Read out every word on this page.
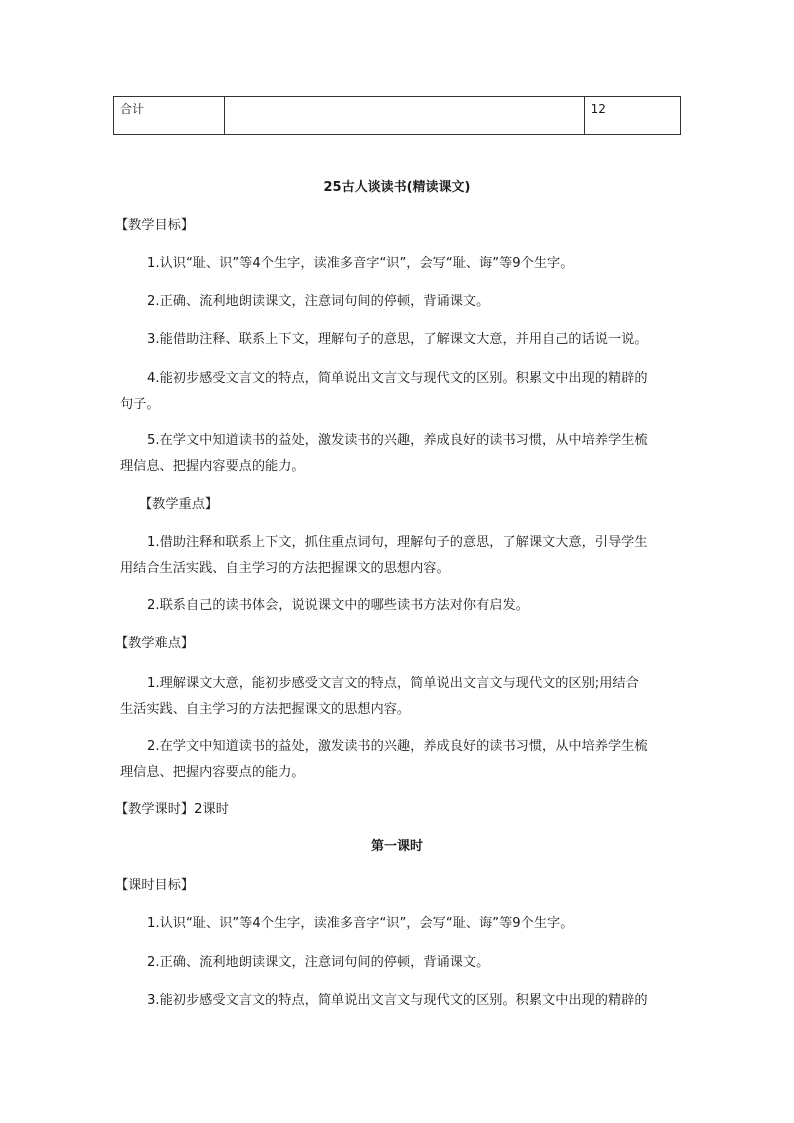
合计		12
25古人谈读书(精读课文)
【教学目标】
1.认识“耻、识”等4个生字，读准多音字“识”，会写“耻、诲”等9个生字。
2.正确、流利地朗读课文，注意词句间的停顿，背诵课文。
3.能借助注释、联系上下文，理解句子的意思，了解课文大意，并用自己的话说一说。
4.能初步感受文言文的特点，简单说出文言文与现代文的区别。积累文中出现的精辟的
句子。
5.在学文中知道读书的益处，激发读书的兴趣，养成良好的读书习惯，从中培养学生梳
理信息、把握内容要点的能力。
【教学重点】
1.借助注释和联系上下文，抓住重点词句，理解句子的意思，了解课文大意，引导学生
用结合生活实践、自主学习的方法把握课文的思想内容。
2.联系自己的读书体会，说说课文中的哪些读书方法对你有启发。
【教学难点】
1.理解课文大意，能初步感受文言文的特点，简单说出文言文与现代文的区别;用结合
生活实践、自主学习的方法把握课文的思想内容。
2.在学文中知道读书的益处，激发读书的兴趣，养成良好的读书习惯，从中培养学生梳
理信息、把握内容要点的能力。
【教学课时】2课时
第一课时
【课时目标】
1.认识“耻、识”等4个生字，读准多音字“识”，会写“耻、诲”等9个生字。
2.正确、流利地朗读课文，注意词句间的停顿，背诵课文。
3.能初步感受文言文的特点，简单说出文言文与现代文的区别。积累文中出现的精辟的
